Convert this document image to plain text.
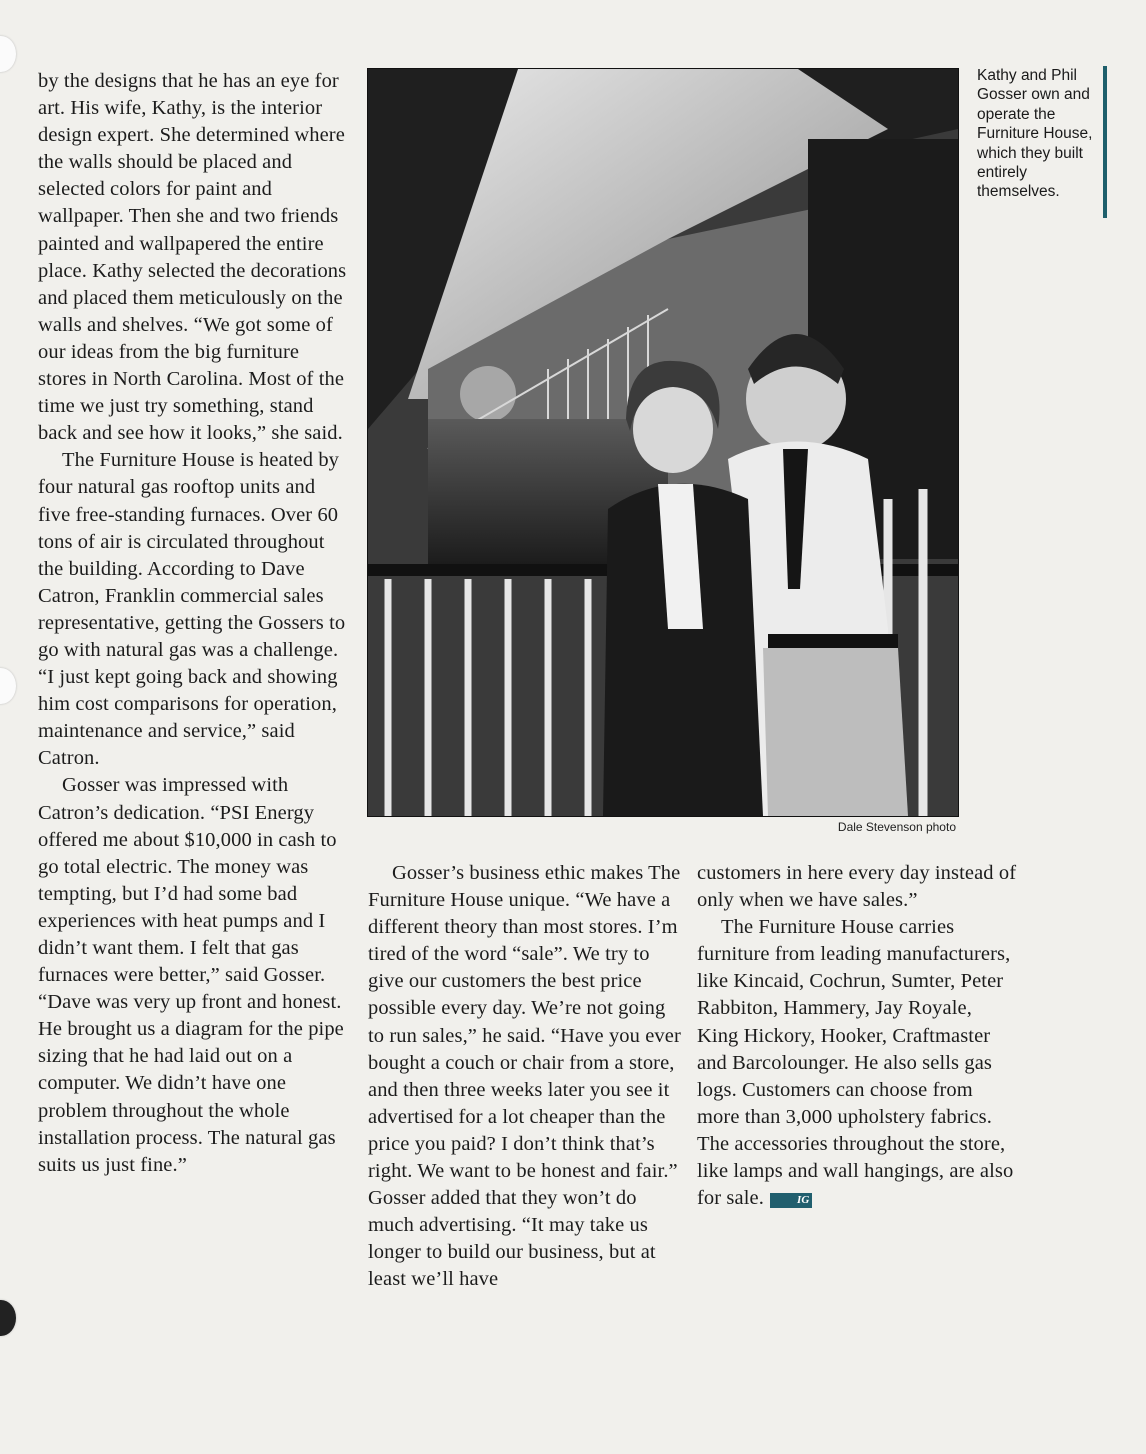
by the designs that he has an eye for art. His wife, Kathy, is the interior design expert. She determined where the walls should be placed and selected colors for paint and wallpaper. Then she and two friends painted and wallpapered the entire place. Kathy selected the decorations and placed them meticulously on the walls and shelves. “We got some of our ideas from the big furniture stores in North Carolina. Most of the time we just try something, stand back and see how it looks,” she said.

The Furniture House is heated by four natural gas rooftop units and five free-standing furnaces. Over 60 tons of air is circulated throughout the building. According to Dave Catron, Franklin commercial sales representative, getting the Gossers to go with natural gas was a challenge. “I just kept going back and showing him cost comparisons for operation, maintenance and service,” said Catron.

Gosser was impressed with Catron’s dedication. “PSI Energy offered me about $10,000 in cash to go total electric. The money was tempting, but I’d had some bad experiences with heat pumps and I didn’t want them. I felt that gas furnaces were better,” said Gosser. “Dave was very up front and honest. He brought us a diagram for the pipe sizing that he had laid out on a computer. We didn’t have one problem throughout the whole installation process. The natural gas suits us just fine.”

Dale Stevenson photo
Kathy and Phil Gosser own and operate the Furniture House, which they built entirely themselves.

Gosser’s business ethic makes The Furniture House unique. “We have a different theory than most stores. I’m tired of the word “sale”. We try to give our customers the best price possible every day. We’re not going to run sales,” he said. “Have you ever bought a couch or chair from a store, and then three weeks later you see it advertised for a lot cheaper than the price you paid? I don’t think that’s right. We want to be honest and fair.” Gosser added that they won’t do much advertising. “It may take us longer to build our business, but at least we’ll have

customers in here every day instead of only when we have sales.”

The Furniture House carries furniture from leading manufacturers, like Kincaid, Cochrun, Sumter, Peter Rabbiton, Hammery, Jay Royale, King Hickory, Hooker, Craftmaster and Barcolounger. He also sells gas logs. Customers can choose from more than 3,000 upholstery fabrics. The accessories throughout the store, like lamps and wall hangings, are also for sale.	IG
